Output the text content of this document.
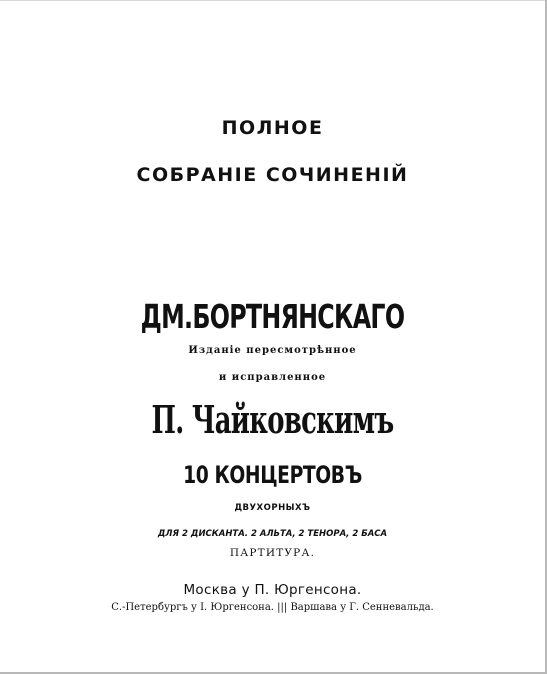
ПОЛНОЕ
СОБРАНIЕ СОЧИНЕНIЙ
ДМ.БОРТНЯНСКАГО
Изданiе пересмотрѣнное
и исправленное
П. Чайковскимъ
10 КОНЦЕРТОВЪ
ДВУХОРНЫХЪ
ДЛЯ 2 ДИСКАНТА. 2 АЛЬТА, 2 ТЕНОРА, 2 БАСА
ПАРТИТУРА.
Москва у П. Юргенсона.
С.-Петербургъ у I. Юргенсона. ||| Варшава у Г. Сенневальда.
